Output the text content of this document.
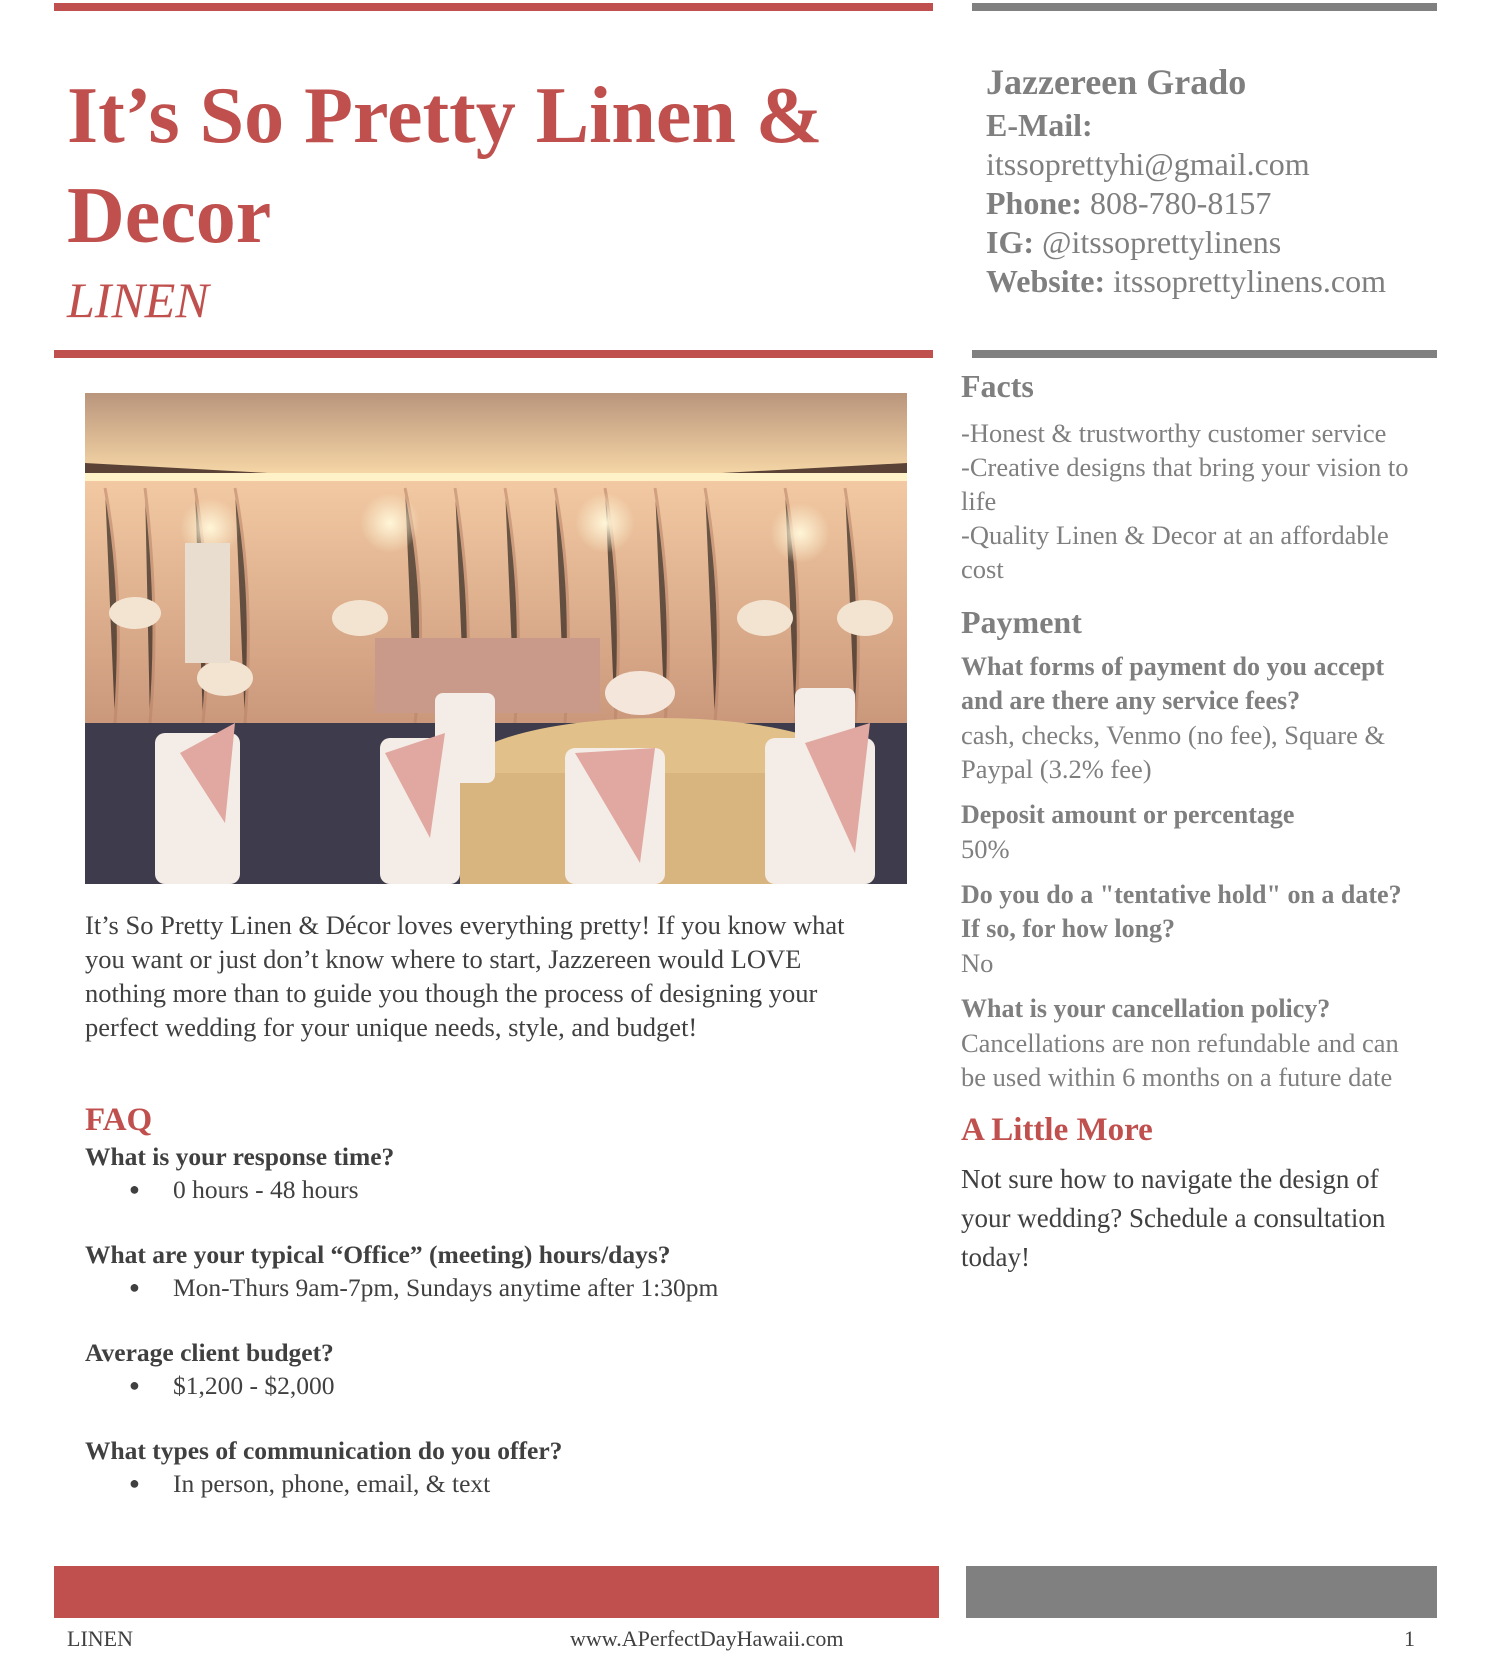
It’s So Pretty Linen & Decor
LINEN
Jazzereen Grado
E-Mail:
itssoprettyhi@gmail.com
Phone: 808-780-8157
IG: @itssoprettylinens
Website: itssoprettylinens.com
It’s So Pretty Linen & Décor loves everything pretty! If you know what you want or just don’t know where to start, Jazzereen would LOVE nothing more than to guide you though the process of designing your perfect wedding for your unique needs, style, and budget!
FAQ
What is your response time?
● 0 hours - 48 hours
What are your typical “Office” (meeting) hours/days?
● Mon-Thurs 9am-7pm, Sundays anytime after 1:30pm
Average client budget?
● $1,200 - $2,000
What types of communication do you offer?
● In person, phone, email, & text
Facts
-Honest & trustworthy customer service
-Creative designs that bring your vision to life
-Quality Linen & Decor at an affordable cost
Payment
What forms of payment do you accept and are there any service fees?
cash, checks, Venmo (no fee), Square & Paypal (3.2% fee)
Deposit amount or percentage
50%
Do you do a "tentative hold" on a date? If so, for how long?
No
What is your cancellation policy?
Cancellations are non refundable and can be used within 6 months on a future date
A Little More
Not sure how to navigate the design of your wedding? Schedule a consultation today!
LINEN	www.APerfectDayHawaii.com	1
